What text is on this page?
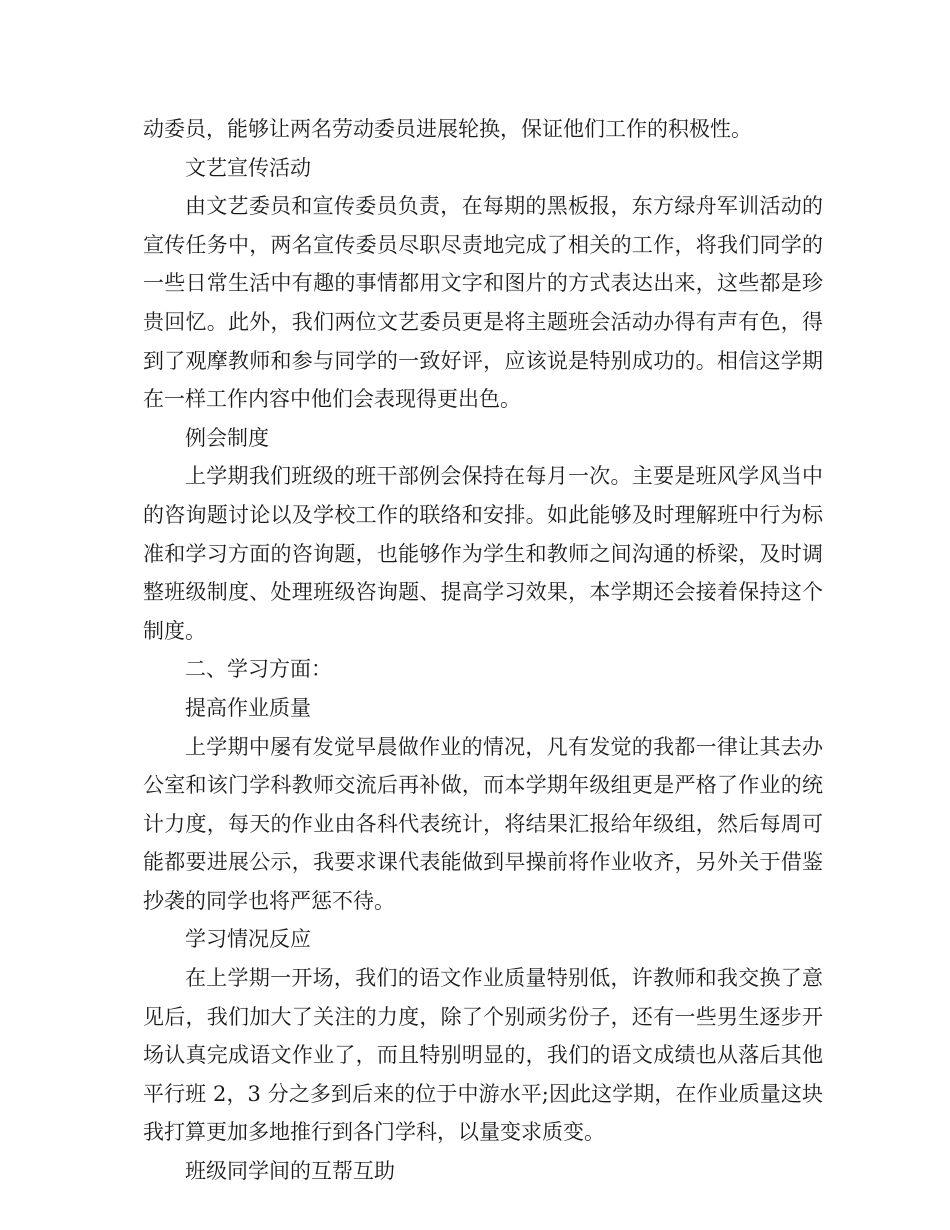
动委员，能够让两名劳动委员进展轮换，保证他们工作的积极性。

文艺宣传活动

由文艺委员和宣传委员负责，在每期的黑板报，东方绿舟军训活动的宣传任务中，两名宣传委员尽职尽责地完成了相关的工作，将我们同学的一些日常生活中有趣的事情都用文字和图片的方式表达出来，这些都是珍贵回忆。此外，我们两位文艺委员更是将主题班会活动办得有声有色，得到了观摩教师和参与同学的一致好评，应该说是特别成功的。相信这学期在一样工作内容中他们会表现得更出色。

例会制度

上学期我们班级的班干部例会保持在每月一次。主要是班风学风当中的咨询题讨论以及学校工作的联络和安排。如此能够及时理解班中行为标准和学习方面的咨询题，也能够作为学生和教师之间沟通的桥梁，及时调整班级制度、处理班级咨询题、提高学习效果，本学期还会接着保持这个制度。

二、学习方面：

提高作业质量

上学期中屡有发觉早晨做作业的情况，凡有发觉的我都一律让其去办公室和该门学科教师交流后再补做，而本学期年级组更是严格了作业的统计力度，每天的作业由各科代表统计，将结果汇报给年级组，然后每周可能都要进展公示，我要求课代表能做到早操前将作业收齐，另外关于借鉴抄袭的同学也将严惩不待。

学习情况反应

在上学期一开场，我们的语文作业质量特别低，许教师和我交换了意见后，我们加大了关注的力度，除了个别顽劣份子，还有一些男生逐步开场认真完成语文作业了，而且特别明显的，我们的语文成绩也从落后其他平行班 2，3 分之多到后来的位于中游水平;因此这学期，在作业质量这块我打算更加多地推行到各门学科，以量变求质变。

班级同学间的互帮互助
